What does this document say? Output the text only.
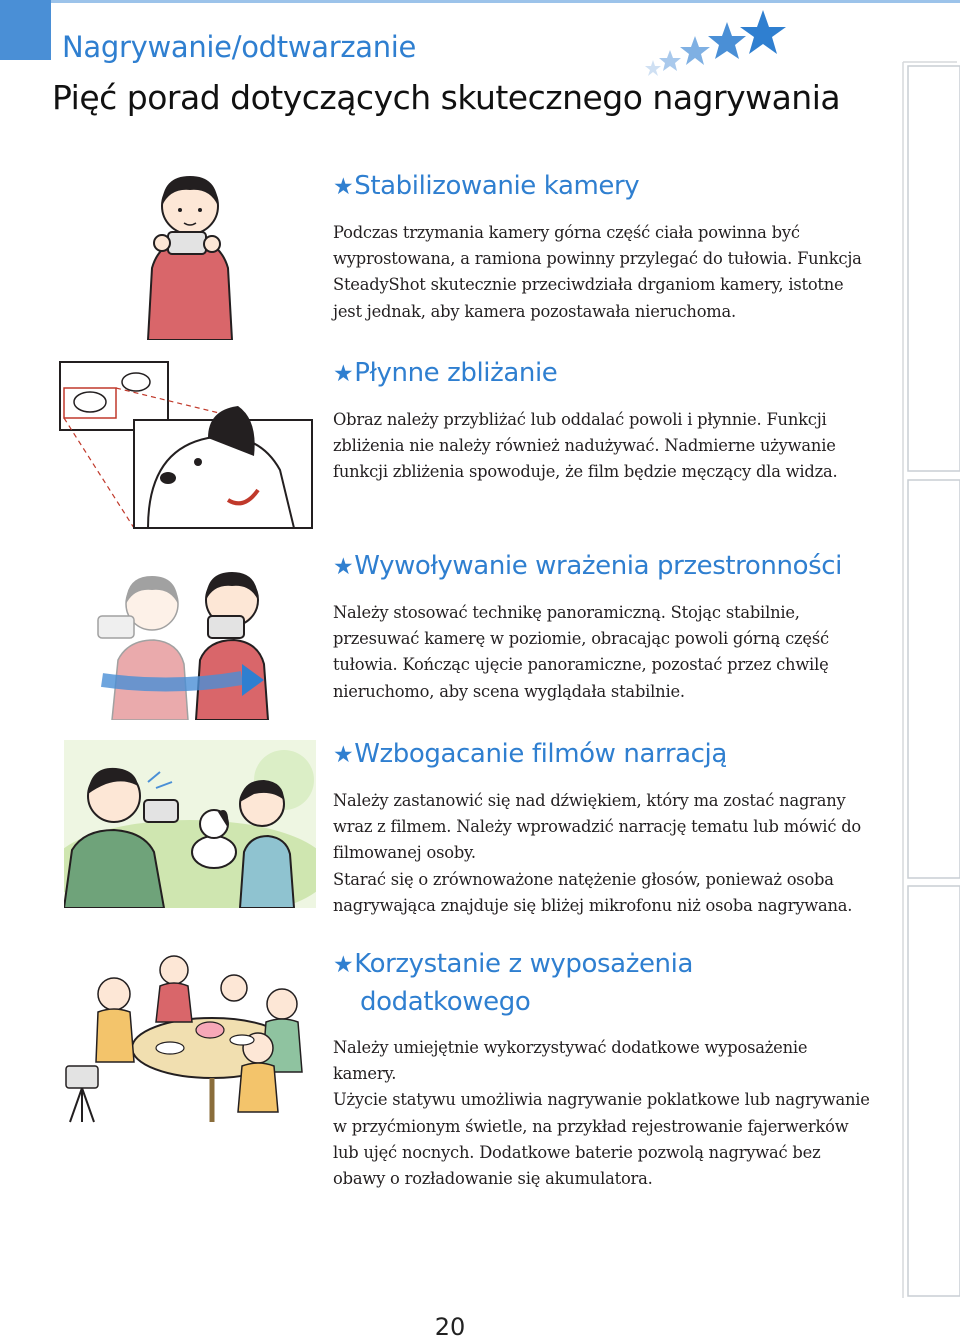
Nagrywanie/odtwarzanie
Pięć porad dotyczących skutecznego nagrywania
★Stabilizowanie kamery

Podczas trzymania kamery górna część ciała powinna być wyprostowana, a ramiona powinny przylegać do tułowia. Funkcja SteadyShot skutecznie przeciwdziała drganiom kamery, istotne jest jednak, aby kamera pozostawała nieruchoma.

★Płynne zbliżanie

Obraz należy przybliżać lub oddalać powoli i płynnie. Funkcji zbliżenia nie należy również nadużywać. Nadmierne używanie funkcji zbliżenia spowoduje, że film będzie męczący dla widza.

★Wywoływanie wrażenia przestronności

Należy stosować technikę panoramiczną. Stojąc stabilnie, przesuwać kamerę w poziomie, obracając powoli górną część tułowia. Kończąc ujęcie panoramiczne, pozostać przez chwilę nieruchomo, aby scena wyglądała stabilnie.

★Wzbogacanie filmów narracją

Należy zastanowić się nad dźwiękiem, który ma zostać nagrany wraz z filmem. Należy wprowadzić narrację tematu lub mówić do filmowanej osoby.

Starać się o zrównoważone natężenie głosów, ponieważ osoba nagrywająca znajduje się bliżej mikrofonu niż osoba nagrywana.

★Korzystanie z wyposażenia
dodatkowego

Należy umiejętnie wykorzystywać dodatkowe wyposażenie kamery.

Użycie statywu umożliwia nagrywanie poklatkowe lub nagrywanie w przyćmionym świetle, na przykład rejestrowanie fajerwerków lub ujęć nocnych. Dodatkowe baterie pozwolą nagrywać bez obawy o rozładowanie się akumulatora.

20
